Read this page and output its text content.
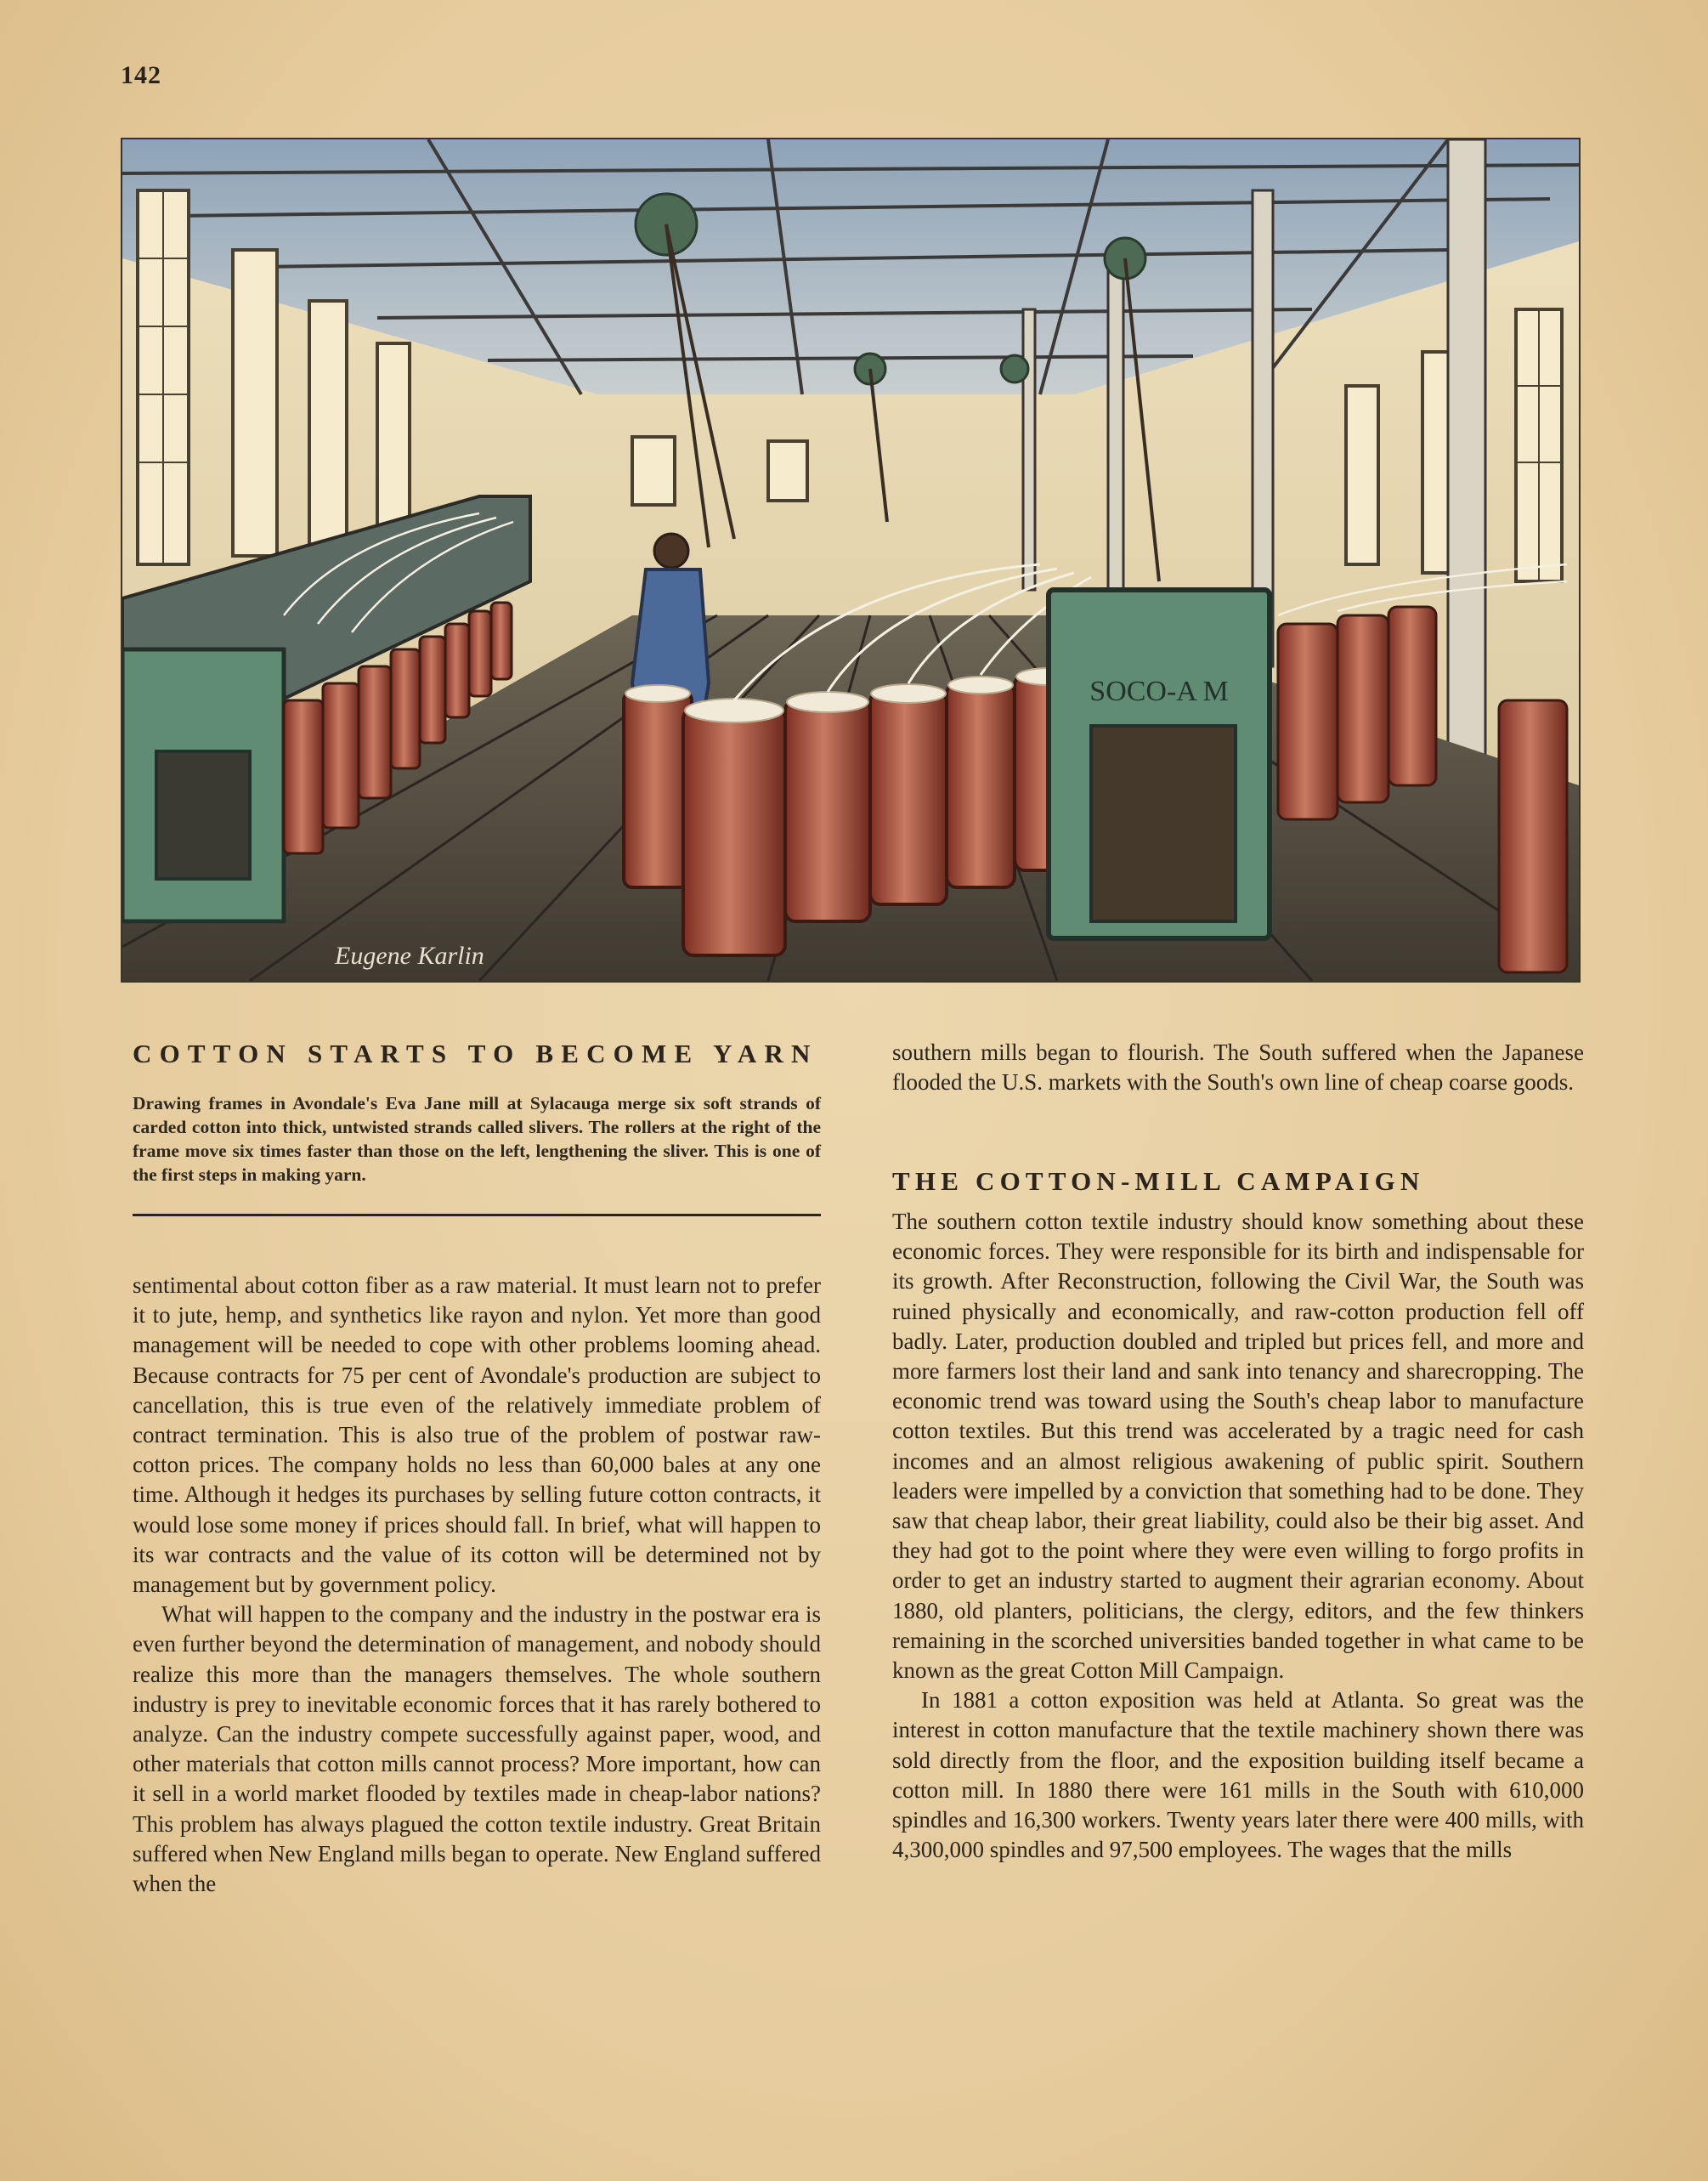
142
SOCO-A M
Eugene Karlin
COTTON STARTS TO BECOME YARN
Drawing frames in Avondale's Eva Jane mill at Sylacauga merge six soft strands of carded cotton into thick, untwisted strands called slivers. The rollers at the right of the frame move six times faster than those on the left, lengthening the sliver. This is one of the first steps in making yarn.

sentimental about cotton fiber as a raw material. It must learn not to prefer it to jute, hemp, and synthetics like rayon and nylon. Yet more than good management will be needed to cope with other problems looming ahead. Because contracts for 75 per cent of Avondale's production are subject to cancellation, this is true even of the relatively immediate problem of contract termination. This is also true of the problem of postwar raw-cotton prices. The company holds no less than 60,000 bales at any one time. Although it hedges its purchases by selling future cotton contracts, it would lose some money if prices should fall. In brief, what will happen to its war contracts and the value of its cotton will be determined not by management but by government policy.

What will happen to the company and the industry in the postwar era is even further beyond the determination of management, and nobody should realize this more than the managers themselves. The whole southern industry is prey to inevitable economic forces that it has rarely bothered to analyze. Can the industry compete successfully against paper, wood, and other materials that cotton mills cannot process? More important, how can it sell in a world market flooded by textiles made in cheap-labor nations? This problem has always plagued the cotton textile industry. Great Britain suffered when New England mills began to operate. New England suffered when the

southern mills began to flourish. The South suffered when the Japanese flooded the U.S. markets with the South's own line of cheap coarse goods.
THE COTTON-MILL CAMPAIGN

The southern cotton textile industry should know something about these economic forces. They were responsible for its birth and indispensable for its growth. After Reconstruction, following the Civil War, the South was ruined physically and economically, and raw-cotton production fell off badly. Later, production doubled and tripled but prices fell, and more and more farmers lost their land and sank into tenancy and sharecropping. The economic trend was toward using the South's cheap labor to manufacture cotton textiles. But this trend was accelerated by a tragic need for cash incomes and an almost religious awakening of public spirit. Southern leaders were impelled by a conviction that something had to be done. They saw that cheap labor, their great liability, could also be their big asset. And they had got to the point where they were even willing to forgo profits in order to get an industry started to augment their agrarian economy. About 1880, old planters, politicians, the clergy, editors, and the few thinkers remaining in the scorched universities banded together in what came to be known as the great Cotton Mill Campaign.

In 1881 a cotton exposition was held at Atlanta. So great was the interest in cotton manufacture that the textile machinery shown there was sold directly from the floor, and the exposition building itself became a cotton mill. In 1880 there were 161 mills in the South with 610,000 spindles and 16,300 workers. Twenty years later there were 400 mills, with 4,300,000 spindles and 97,500 employees. The wages that the mills
